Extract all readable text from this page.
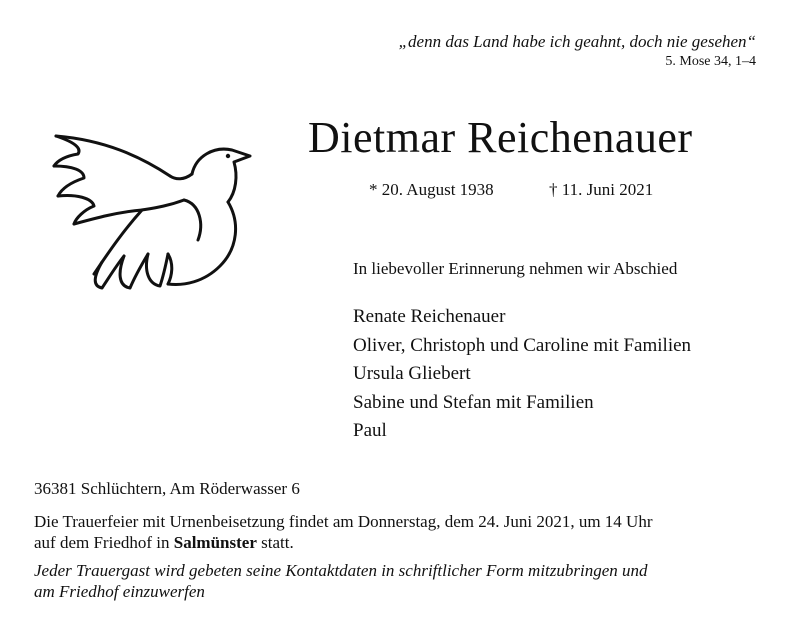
„denn das Land habe ich geahnt, doch nie gesehen“
5. Mose 34, 1–4
Dietmar Reichenauer
* 20. August 1938	† 11. Juni 2021
In liebevoller Erinnerung nehmen wir Abschied
Renate Reichenauer
Oliver, Christoph und Caroline mit Familien
Ursula Gliebert
Sabine und Stefan mit Familien
Paul
36381 Schlüchtern, Am Röderwasser 6

Die Trauerfeier mit Urnenbeisetzung findet am Donnerstag, dem 24. Juni 2021, um 14 Uhr

auf dem Friedhof in Salmünster statt.

Jeder Trauergast wird gebeten seine Kontaktdaten in schriftlicher Form mitzubringen und

am Friedhof einzuwerfen
